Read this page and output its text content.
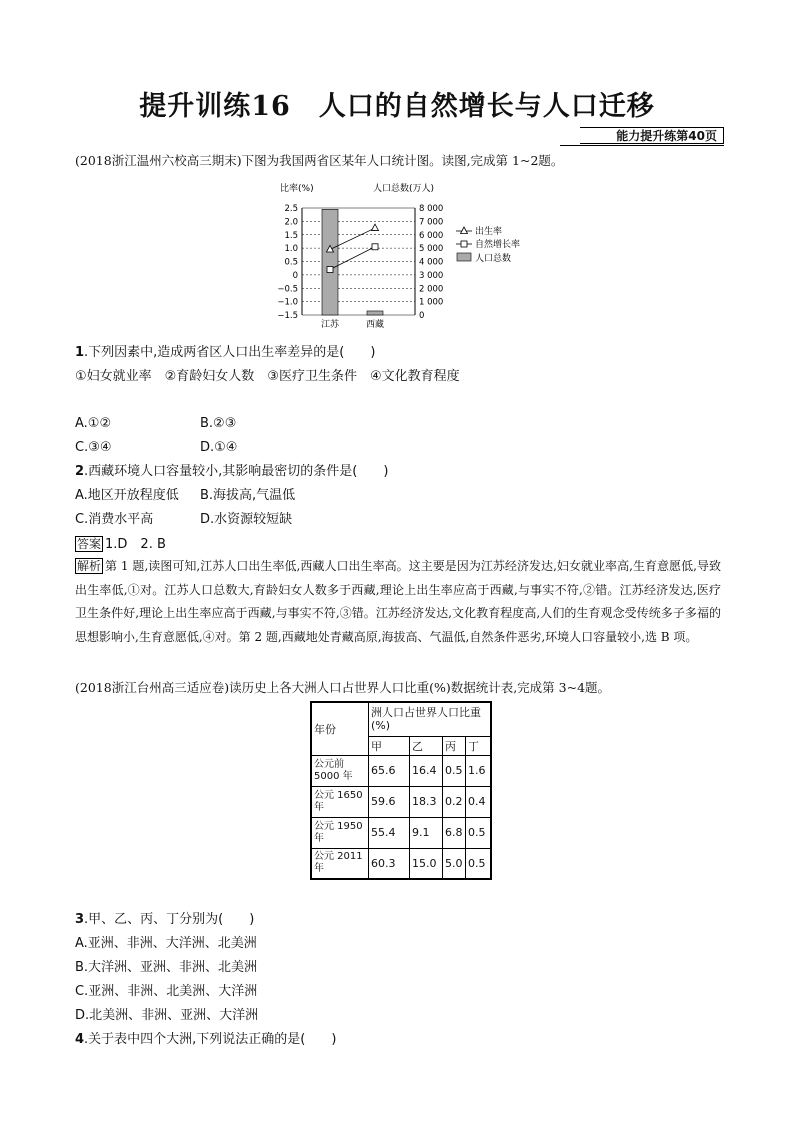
提升训练16　人口的自然增长与人口迁移
能力提升练第40页
(2018浙江温州六校高三期末)下图为我国两省区某年人口统计图。读图,完成第 1~2题。
比率(%)	人口总数(万人)
2.5
2.0
1.5
1.0
0.5
0
−0.5
−1.0
−1.5
8 000
7 000
6 000
5 000
4 000
3 000
2 000
1 000
0
江苏	西藏
出生率
自然增长率
人口总数
1.下列因素中,造成两省区人口出生率差异的是(　　)
①妇女就业率　②育龄妇女人数　③医疗卫生条件　④文化教育程度
A.①②	B.②③
C.③④	D.①④
2.西藏环境人口容量较小,其影响最密切的条件是(　　)
A.地区开放程度低 B.海拔高,气温低
C.消费水平高	D.水资源较短缺
答案 1.D　2. B
解析 第 1 题,读图可知,江苏人口出生率低,西藏人口出生率高。这主要是因为江苏经济发达,妇女就业率高,生育意愿低,导致出生率低,①对。江苏人口总数大,育龄妇女人数多于西藏,理论上出生率应高于西藏,与事实不符,②错。江苏经济发达,医疗卫生条件好,理论上出生率应高于西藏,与事实不符,③错。江苏经济发达,文化教育程度高,人们的生育观念受传统多子多福的思想影响小,生育意愿低,④对。第 2 题,西藏地处青藏高原,海拔高、气温低,自然条件恶劣,环境人口容量较小,选 B 项。
(2018浙江台州高三适应卷)读历史上各大洲人口占世界人口比重(%)数据统计表,完成第 3~4题。
年份	洲人口占世界人口比重(%)			
	甲	乙	丙	丁
公元前 5000 年	65.6	16.4	0.5	1.6
公元 1650 年	59.6	18.3	0.2	0.4
公元 1950 年	55.4	9.1	6.8	0.5
公元 2011 年	60.3	15.0	5.0	0.5
3.甲、乙、丙、丁分别为(　　)
A.亚洲、非洲、大洋洲、北美洲
B.大洋洲、亚洲、非洲、北美洲
C.亚洲、非洲、北美洲、大洋洲
D.北美洲、非洲、亚洲、大洋洲
4.关于表中四个大洲,下列说法正确的是(　　)
